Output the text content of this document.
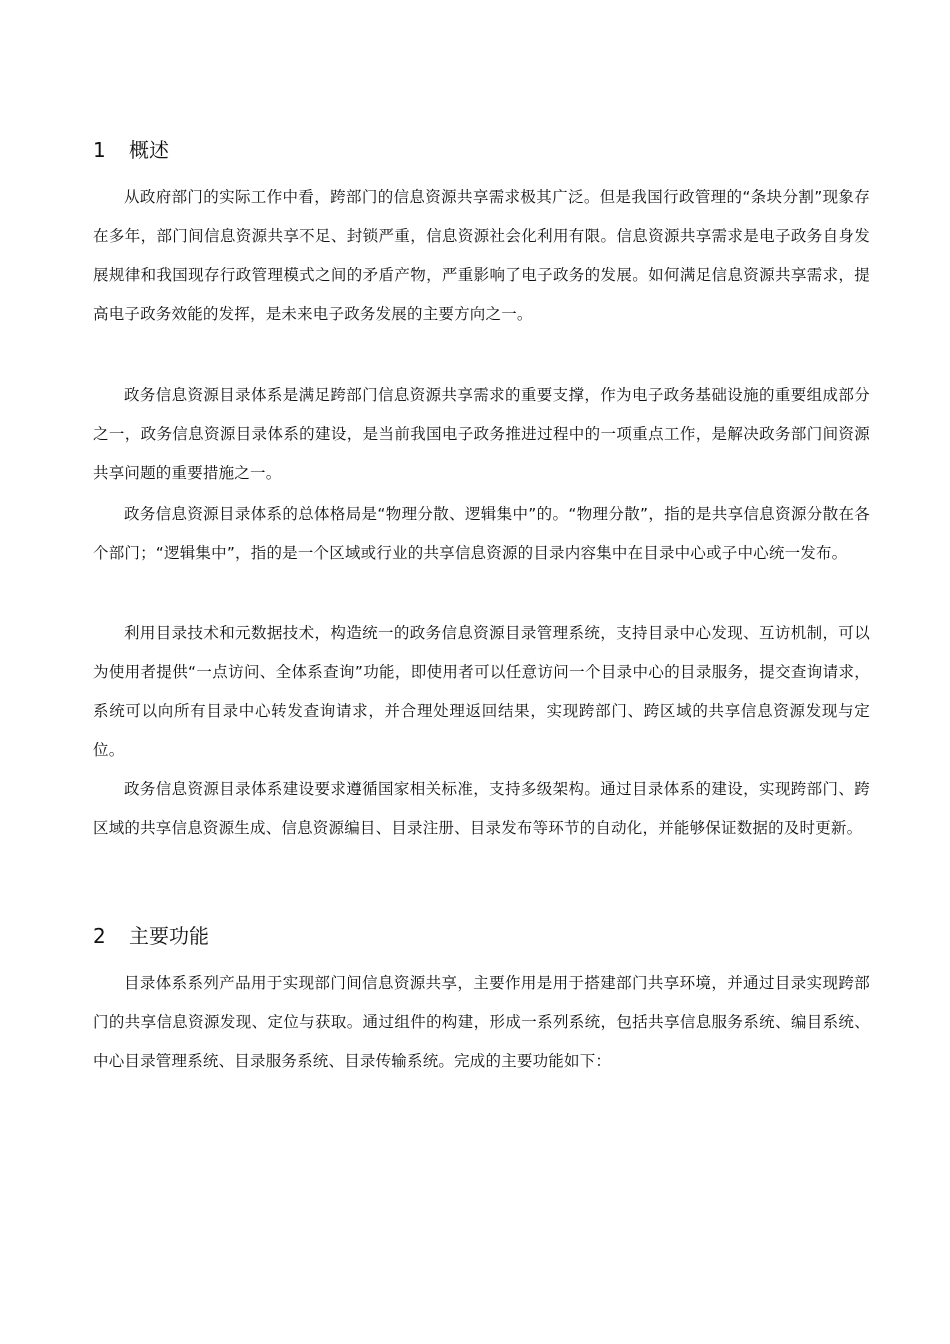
1 概述

从政府部门的实际工作中看，跨部门的信息资源共享需求极其广泛。但是我国行政管理的“条块分割”现象存在多年，部门间信息资源共享不足、封锁严重，信息资源社会化利用有限。信息资源共享需求是电子政务自身发展规律和我国现存行政管理模式之间的矛盾产物，严重影响了电子政务的发展。如何满足信息资源共享需求，提高电子政务效能的发挥，是未来电子政务发展的主要方向之一。

政务信息资源目录体系是满足跨部门信息资源共享需求的重要支撑，作为电子政务基础设施的重要组成部分之一，政务信息资源目录体系的建设，是当前我国电子政务推进过程中的一项重点工作，是解决政务部门间资源共享问题的重要措施之一。

政务信息资源目录体系的总体格局是“物理分散、逻辑集中”的。“物理分散”，指的是共享信息资源分散在各个部门；“逻辑集中”，指的是一个区域或行业的共享信息资源的目录内容集中在目录中心或子中心统一发布。

利用目录技术和元数据技术，构造统一的政务信息资源目录管理系统，支持目录中心发现、互访机制，可以为使用者提供“一点访问、全体系查询”功能，即使用者可以任意访问一个目录中心的目录服务，提交查询请求，系统可以向所有目录中心转发查询请求，并合理处理返回结果，实现跨部门、跨区域的共享信息资源发现与定位。

政务信息资源目录体系建设要求遵循国家相关标准，支持多级架构。通过目录体系的建设，实现跨部门、跨区域的共享信息资源生成、信息资源编目、目录注册、目录发布等环节的自动化，并能够保证数据的及时更新。

2 主要功能

目录体系系列产品用于实现部门间信息资源共享，主要作用是用于搭建部门共享环境，并通过目录实现跨部门的共享信息资源发现、定位与获取。通过组件的构建，形成一系列系统，包括共享信息服务系统、编目系统、中心目录管理系统、目录服务系统、目录传输系统。完成的主要功能如下：
